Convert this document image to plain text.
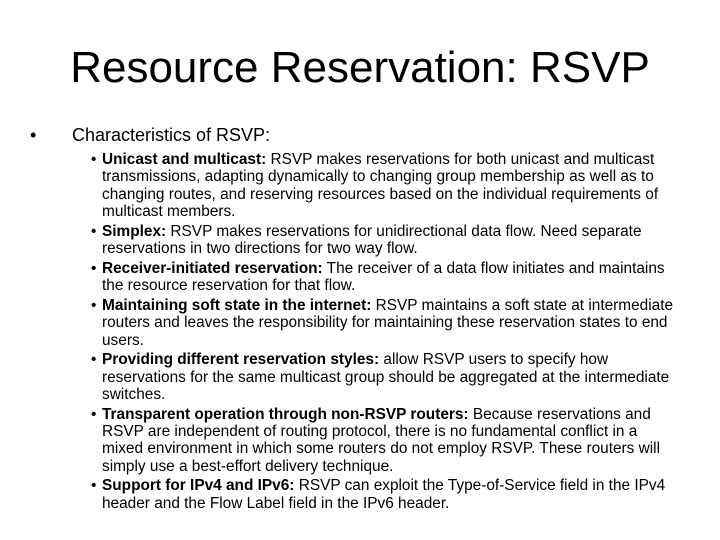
Resource Reservation: RSVP
• Characteristics of RSVP:
• Unicast and multicast: RSVP makes reservations for both unicast and multicast transmissions, adapting dynamically to changing group membership as well as to changing routes, and reserving resources based on the individual requirements of multicast members.
• Simplex: RSVP makes reservations for unidirectional data flow. Need separate reservations in two directions for two way flow.
• Receiver-initiated reservation: The receiver of a data flow initiates and maintains the resource reservation for that flow.
• Maintaining soft state in the internet: RSVP maintains a soft state at intermediate routers and leaves the responsibility for maintaining these reservation states to end users.
• Providing different reservation styles: allow RSVP users to specify how reservations for the same multicast group should be aggregated at the intermediate switches.
• Transparent operation through non-RSVP routers: Because reservations and RSVP are independent of routing protocol, there is no fundamental conflict in a mixed environment in which some routers do not employ RSVP. These routers will simply use a best-effort delivery technique.
• Support for IPv4 and IPv6: RSVP can exploit the Type-of-Service field in the IPv4 header and the Flow Label field in the IPv6 header.
